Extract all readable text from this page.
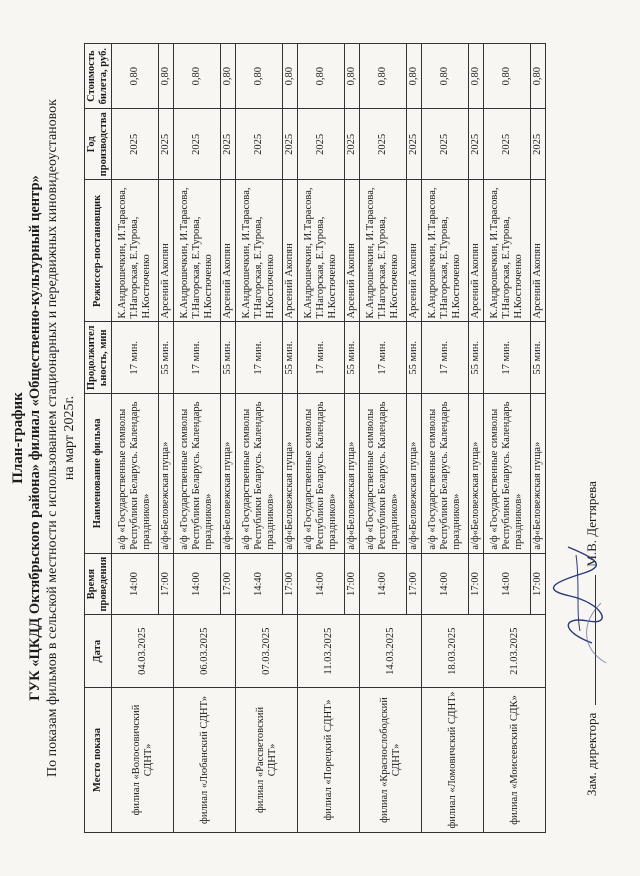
План-график ГУК «ЦКДД Октябрьского района» филиал «Общественно-культурный центр» По показам фильмов в сельской местности с использованием стационарных и передвижных киновидеоустановок на март 2025г.
Место показа	Дата	Время проведения	Наименование фильма	Продолжител ьность, мин	Режиссер-постановщик	Год производства	Стоимость билета, руб.
филиал «Волосовичский СДНТ»	04.03.2025	14:00	а/ф «Государственные символы Республики Беларусь. Календарь праздников»	17 мин.	К.Андрошечкин, И.Тарасова, Т.Нагорская, Е.Турова, Н.Костюченко	2025	0,80
		17:00	а/ф«Беловежская пуща»	55 мин.	Арсений Акопян	2025	0,80
филиал «Любанский СДНТ»	06.03.2025	14:00	а/ф «Государственные символы Республики Беларусь. Календарь праздников»	17 мин.	К.Андрошечкин, И.Тарасова, Т.Нагорская, Е.Турова, Н.Костюченко	2025	0,80
		17:00	а/ф«Беловежская пуща»	55 мин.	Арсений Акопян	2025	0,80
филиал «Рассветовский СДНТ»	07.03.2025	14:40	а/ф «Государственные символы Республики Беларусь. Календарь праздников»	17 мин.	К.Андрошечкин, И.Тарасова, Т.Нагорская, Е.Турова, Н.Костюченко	2025	0,80
		17:00	а/ф«Беловежская пуща»	55 мин.	Арсений Акопян	2025	0,80
филиал «Порецкий СДНТ»	11.03.2025	14:00	а/ф «Государственные символы Республики Беларусь. Календарь праздников»	17 мин.	К.Андрошечкин, И.Тарасова, Т.Нагорская, Е.Турова, Н.Костюченко	2025	0,80
		17:00	а/ф«Беловежская пуща»	55 мин.	Арсений Акопян	2025	0,80
филиал «Краснослободский СДНТ»	14.03.2025	14:00	а/ф «Государственные символы Республики Беларусь. Календарь праздников»	17 мин.	К.Андрошечкин, И.Тарасова, Т.Нагорская, Е.Турова, Н.Костюченко	2025	0,80
		17:00	а/ф«Беловежская пуща»	55 мин.	Арсений Акопян	2025	0,80
филиал «Ломовичский СДНТ»	18.03.2025	14:00	а/ф «Государственные символы Республики Беларусь. Календарь праздников»	17 мин.	К.Андрошечкин, И.Тарасова, Т.Нагорская, Е.Турова, Н.Костюченко	2025	0,80
		17:00	а/ф«Беловежская пуща»	55 мин.	Арсений Акопян	2025	0,80
филиал «Моисеевский СДК»	21.03.2025	14:00	а/ф «Государственные символы Республики Беларусь. Календарь праздников»	17 мин.	К.Андрошечкин, И.Тарасова, Т.Нагорская, Е.Турова, Н.Костюченко	2025	0,80
		17:00	а/ф«Беловежская пуща»	55 мин.	Арсений Акопян	2025	0,80
Зам. директораМ.В. Дегтярева
